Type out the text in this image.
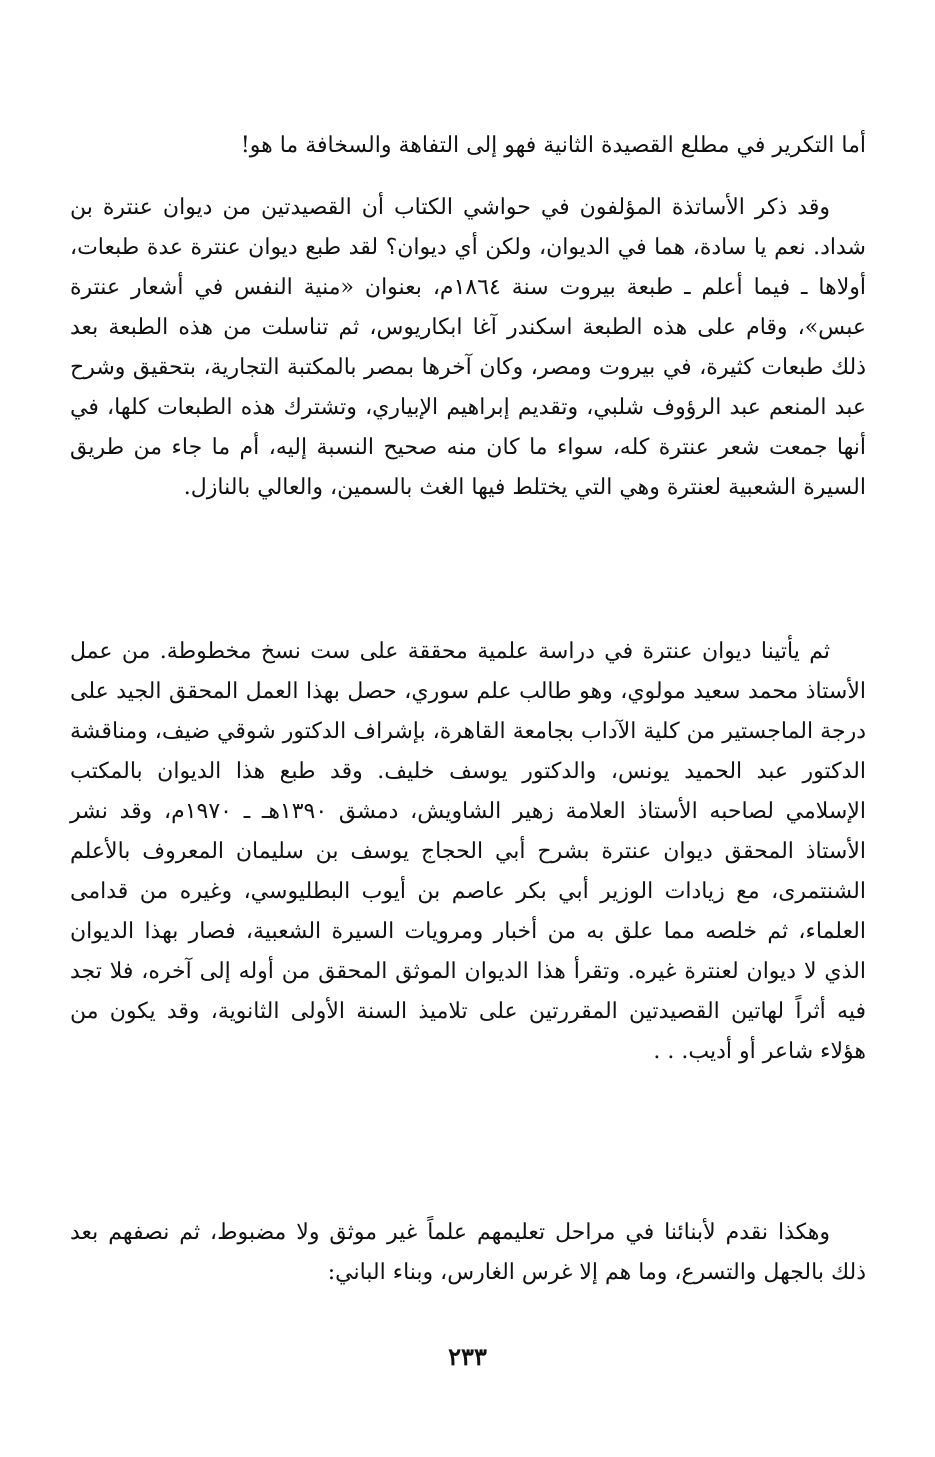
أما التكرير في مطلع القصيدة الثانية فهو إلى التفاهة والسخافة ما هو!

وقد ذكر الأساتذة المؤلفون في حواشي الكتاب أن القصيدتين من ديوان عنترة بن شداد. نعم يا سادة، هما في الديوان، ولكن أي ديوان؟ لقد طبع ديوان عنترة عدة طبعات، أولاها ـ فيما أعلم ـ طبعة بيروت سنة ١٨٦٤م، بعنوان «منية النفس في أشعار عنترة عبس»، وقام على هذه الطبعة اسكندر آغا ابكاريوس، ثم تناسلت من هذه الطبعة بعد ذلك طبعات كثيرة، في بيروت ومصر، وكان آخرها بمصر بالمكتبة التجارية، بتحقيق وشرح عبد المنعم عبد الرؤوف شلبي، وتقديم إبراهيم الإبياري، وتشترك هذه الطبعات كلها، في أنها جمعت شعر عنترة كله، سواء ما كان منه صحيح النسبة إليه، أم ما جاء من طريق السيرة الشعبية لعنترة وهي التي يختلط فيها الغث بالسمين، والعالي بالنازل.

ثم يأتينا ديوان عنترة في دراسة علمية محققة على ست نسخ مخطوطة. من عمل الأستاذ محمد سعيد مولوي، وهو طالب علم سوري، حصل بهذا العمل المحقق الجيد على درجة الماجستير من كلية الآداب بجامعة القاهرة، بإشراف الدكتور شوقي ضيف، ومناقشة الدكتور عبد الحميد يونس، والدكتور يوسف خليف. وقد طبع هذا الديوان بالمكتب الإسلامي لصاحبه الأستاذ العلامة زهير الشاويش، دمشق ١٣٩٠هـ ـ ١٩٧٠م، وقد نشر الأستاذ المحقق ديوان عنترة بشرح أبي الحجاج يوسف بن سليمان المعروف بالأعلم الشنتمرى، مع زيادات الوزير أبي بكر عاصم بن أيوب البطليوسي، وغيره من قدامى العلماء، ثم خلصه مما علق به من أخبار ومرويات السيرة الشعبية، فصار بهذا الديوان الذي لا ديوان لعنترة غيره. وتقرأ هذا الديوان الموثق المحقق من أوله إلى آخره، فلا تجد فيه أثراً لهاتين القصيدتين المقررتين على تلاميذ السنة الأولى الثانوية، وقد يكون من هؤلاء شاعر أو أديب. . .

وهكذا نقدم لأبنائنا في مراحل تعليمهم علماً غير موثق ولا مضبوط، ثم نصفهم بعد ذلك بالجهل والتسرع، وما هم إلا غرس الغارس، وبناء الباني:

٢٣٣
